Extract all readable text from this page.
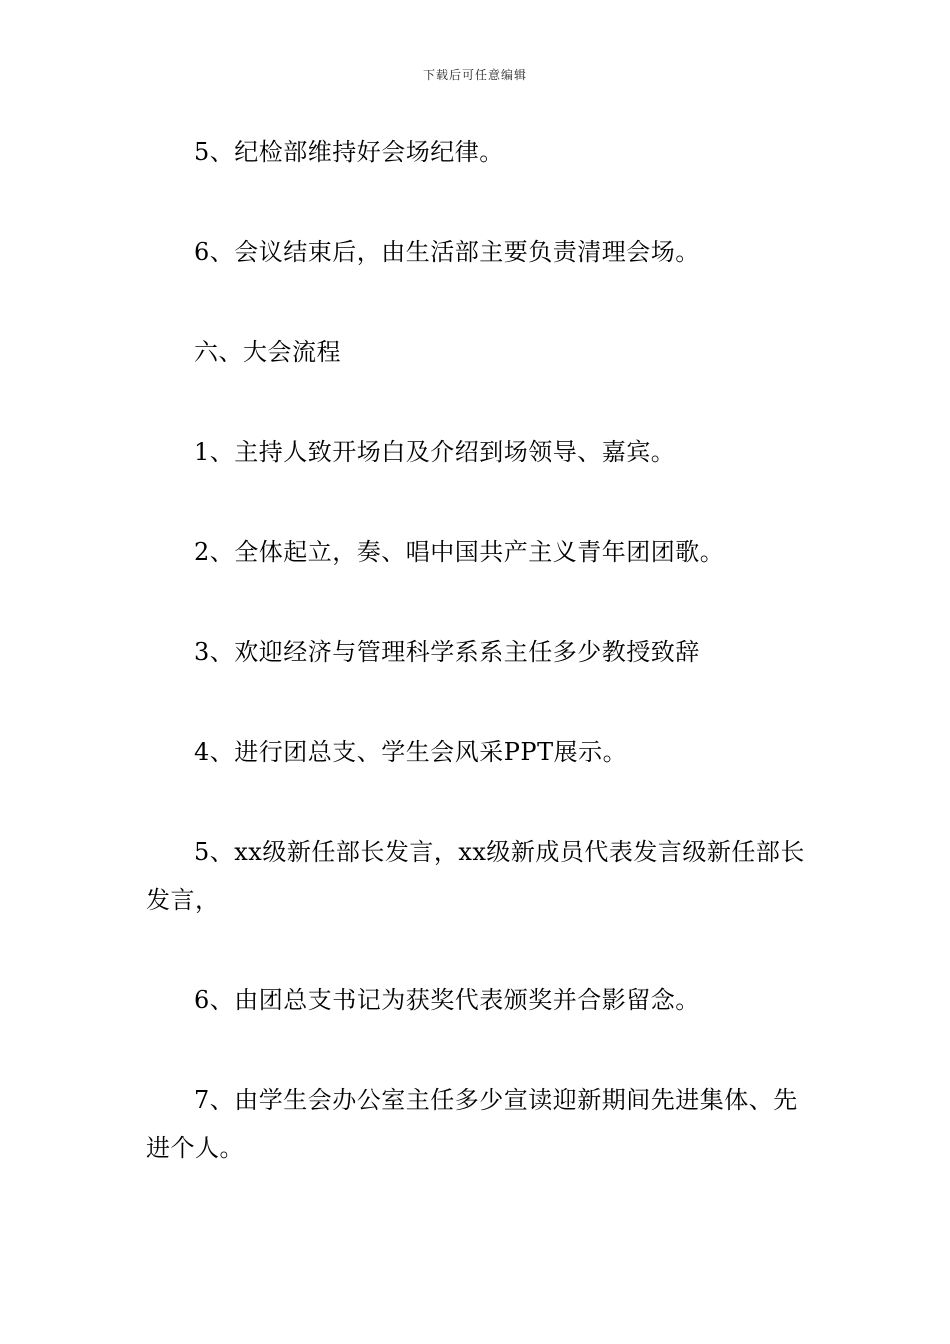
下载后可任意编辑

5、纪检部维持好会场纪律。

6、会议结束后，由生活部主要负责清理会场。

六、大会流程

1、主持人致开场白及介绍到场领导、嘉宾。

2、全体起立，奏、唱中国共产主义青年团团歌。

3、欢迎经济与管理科学系系主任多少教授致辞

4、进行团总支、学生会风采PPT展示。

5、xx级新任部长发言，xx级新成员代表发言级新任部长发言，

6、由团总支书记为获奖代表颁奖并合影留念。

7、由学生会办公室主任多少宣读迎新期间先进集体、先进个人。
